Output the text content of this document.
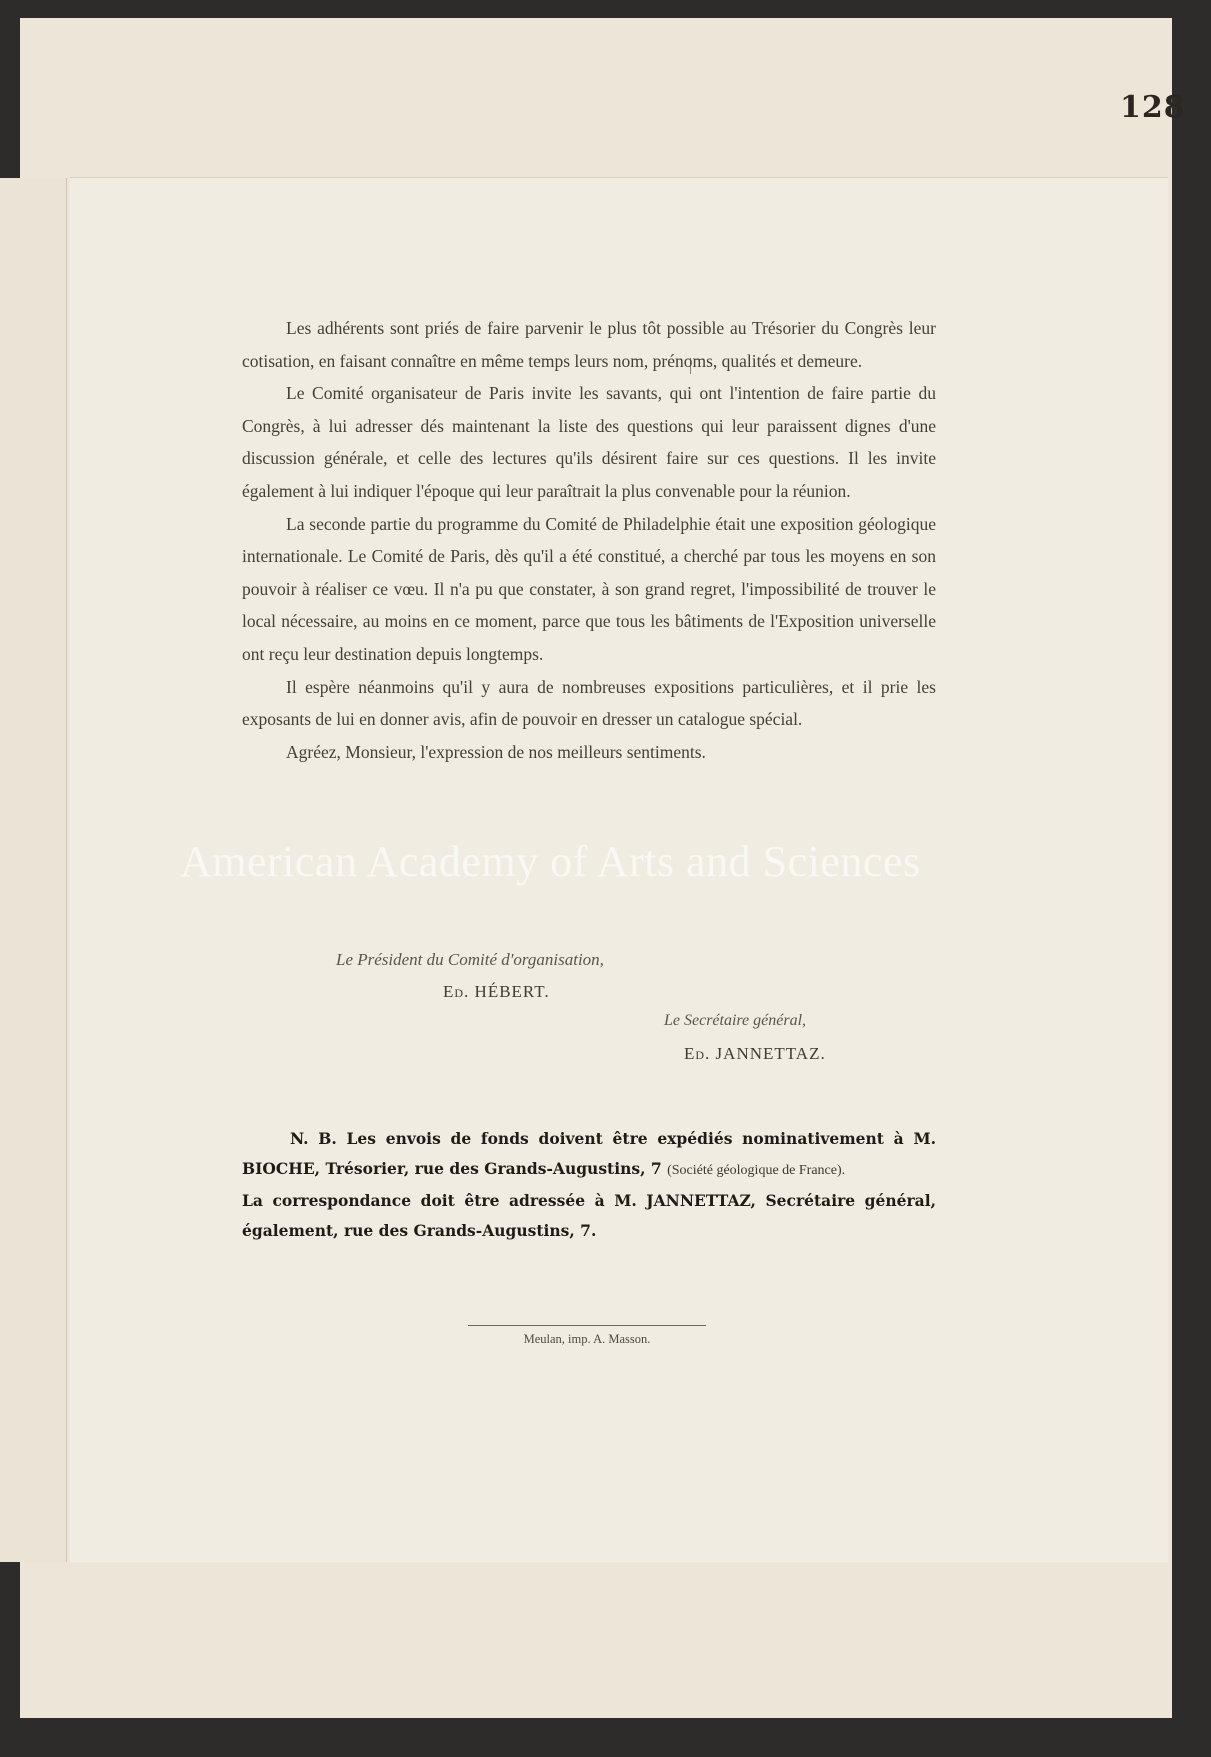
128

Les adhérents sont priés de faire parvenir le plus tôt possible au Trésorier du Congrès leur cotisation, en faisant connaître en même temps leurs nom, prénoms, qualités et demeure.

Le Comité organisateur de Paris invite les savants, qui ont l'intention de faire partie du Congrès, à lui adresser dés maintenant la liste des questions qui leur paraissent dignes d'une discussion générale, et celle des lectures qu'ils désirent faire sur ces questions. Il les invite également à lui indiquer l'époque qui leur paraîtrait la plus convenable pour la réunion.

La seconde partie du programme du Comité de Philadelphie était une exposition géologique internationale. Le Comité de Paris, dès qu'il a été constitué, a cherché par tous les moyens en son pouvoir à réaliser ce vœu. Il n'a pu que constater, à son grand regret, l'impossibilité de trouver le local nécessaire, au moins en ce moment, parce que tous les bâtiments de l'Exposition universelle ont reçu leur destination depuis longtemps.

Il espère néanmoins qu'il y aura de nombreuses expositions particulières, et il prie les exposants de lui en donner avis, afin de pouvoir en dresser un catalogue spécial.

Agréez, Monsieur, l'expression de nos meilleurs sentiments.

Le Président du Comité d'organisation,
Ed. HÉBERT.
Le Secrétaire général,
Ed. JANNETTAZ.
N. B. Les envois de fonds doivent être expédiés nominativement à M. BIOCHE, Trésorier, rue des Grands-Augustins, 7 (Société géologique de France).
La correspondance doit être adressée à M. JANNETTAZ, Secrétaire général, également, rue des Grands-Augustins, 7.
Meulan, imp. A. Masson.
American Academy of Arts and Sciences
